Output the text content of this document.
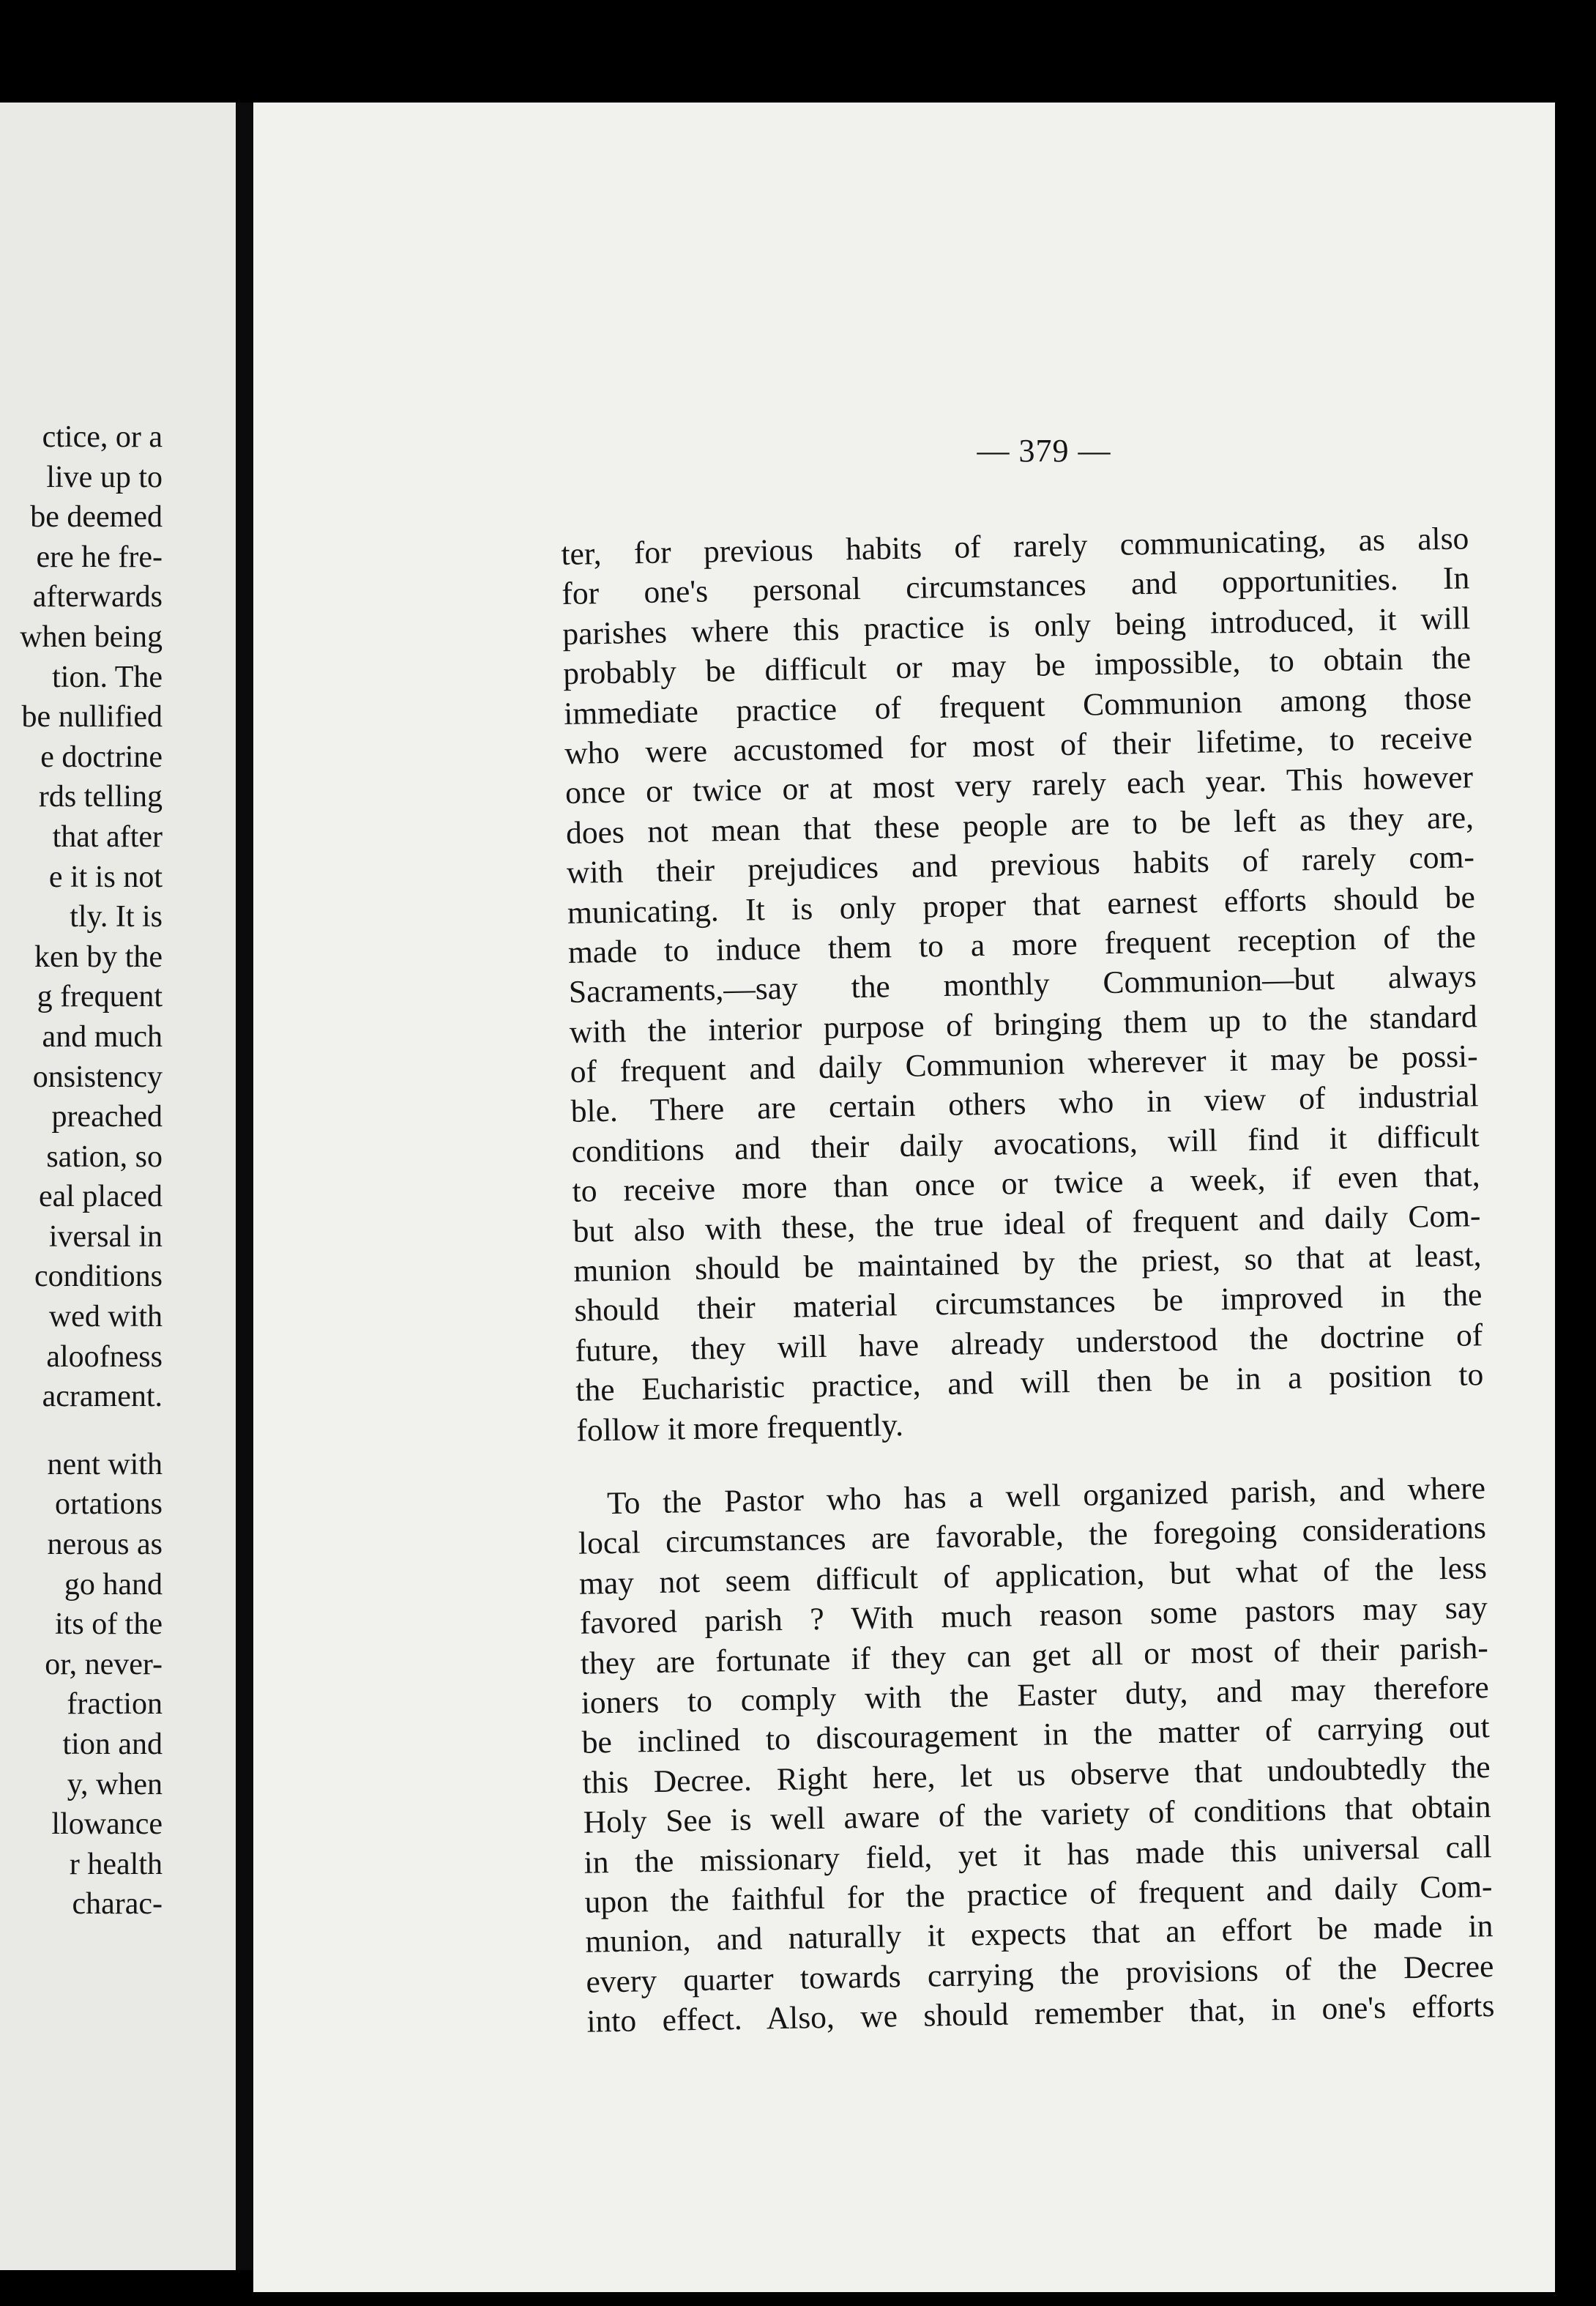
ctice, or a
live up to
be deemed
ere he fre-
afterwards
when being
tion. The
be nullified
e doctrine
rds telling
that after
e it is not
tly. It is
ken by the
g frequent
and much
onsistency
preached
sation, so
eal placed
iversal in
conditions
wed with
aloofness
acrament.
nent with
ortations
nerous as
go hand
its of the
or, never-
fraction
tion and
y, when
llowance
r health
charac-
— 379 —
ter, for previous habits of rarely communicating, as also
for one's personal circumstances and opportunities. In
parishes where this practice is only being introduced, it will
probably be difficult or may be impossible, to obtain the
immediate practice of frequent Communion among those
who were accustomed for most of their lifetime, to receive
once or twice or at most very rarely each year. This however
does not mean that these people are to be left as they are,
with their prejudices and previous habits of rarely com-
municating. It is only proper that earnest efforts should be
made to induce them to a more frequent reception of the
Sacraments,—say the monthly Communion—but always
with the interior purpose of bringing them up to the standard
of frequent and daily Communion wherever it may be possi-
ble. There are certain others who in view of industrial
conditions and their daily avocations, will find it difficult
to receive more than once or twice a week, if even that,
but also with these, the true ideal of frequent and daily Com-
munion should be maintained by the priest, so that at least,
should their material circumstances be improved in the
future, they will have already understood the doctrine of
the Eucharistic practice, and will then be in a position to
follow it more frequently.
To the Pastor who has a well organized parish, and where
local circumstances are favorable, the foregoing considerations
may not seem difficult of application, but what of the less
favored parish ? With much reason some pastors may say
they are fortunate if they can get all or most of their parish-
ioners to comply with the Easter duty, and may therefore
be inclined to discouragement in the matter of carrying out
this Decree. Right here, let us observe that undoubtedly the
Holy See is well aware of the variety of conditions that obtain
in the missionary field, yet it has made this universal call
upon the faithful for the practice of frequent and daily Com-
munion, and naturally it expects that an effort be made in
every quarter towards carrying the provisions of the Decree
into effect. Also, we should remember that, in one's efforts
